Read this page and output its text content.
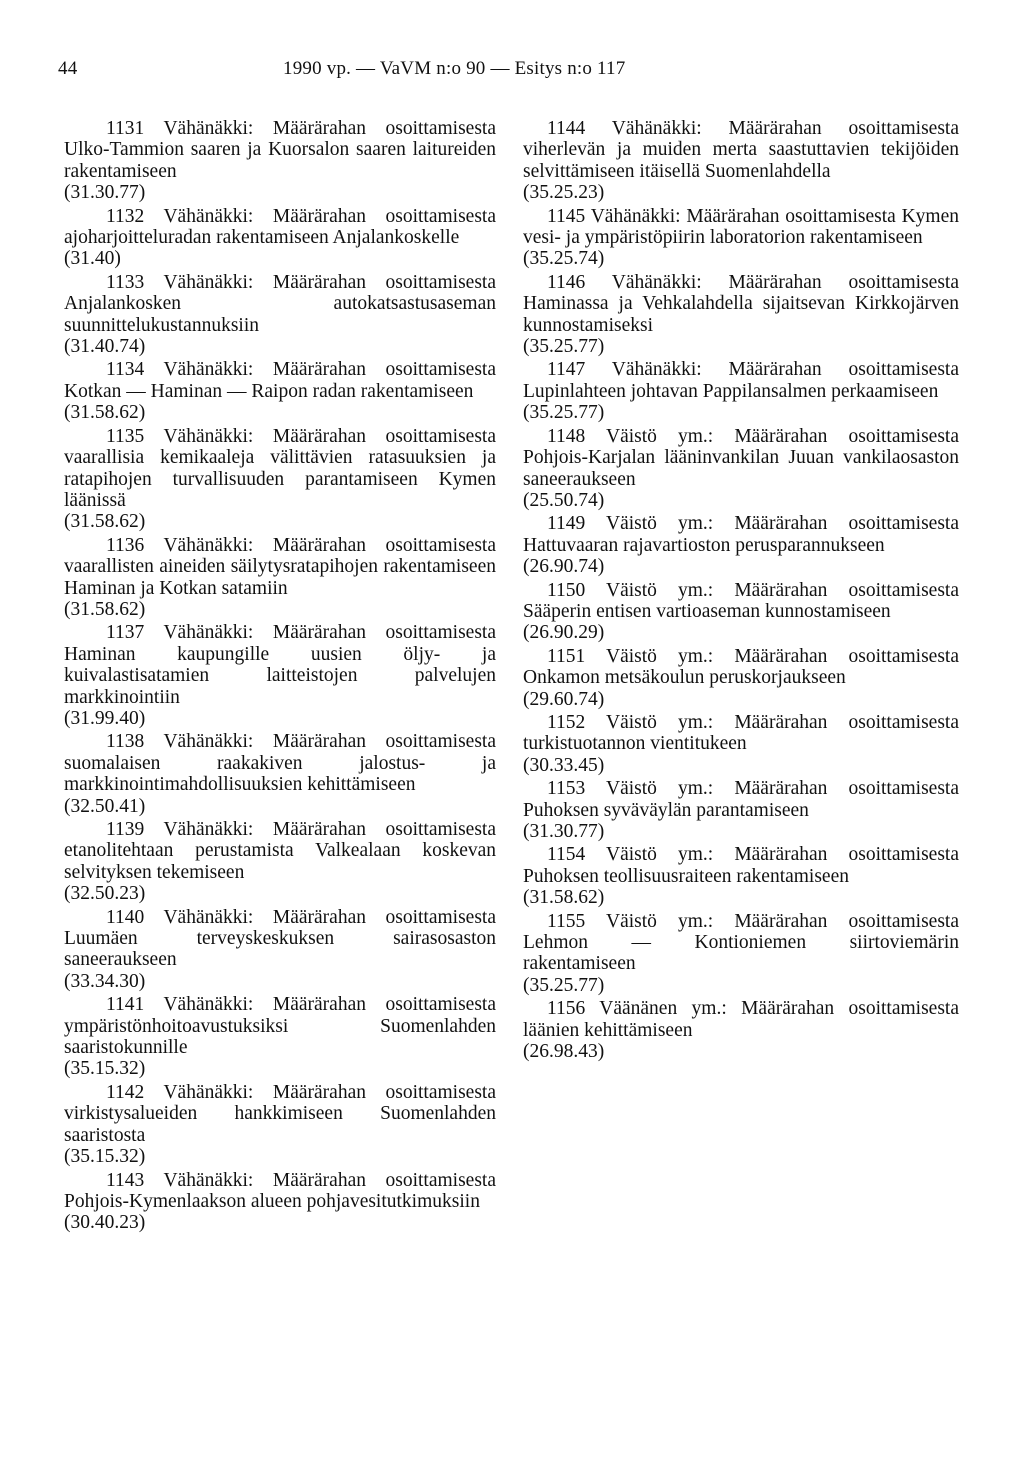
44	1990 vp. — VaVM n:o 90 — Esitys n:o 117
1131 Vähänäkki: Määrärahan osoittamisesta Ulko-Tammion saaren ja Kuorsalon saaren laitureiden rakentamiseen
(31.30.77)
1132 Vähänäkki: Määrärahan osoittamisesta ajoharjoitteluradan rakentamiseen Anjalankoskelle
(31.40)
1133 Vähänäkki: Määrärahan osoittamisesta Anjalankosken autokatsastusaseman suunnittelukustannuksiin
(31.40.74)
1134 Vähänäkki: Määrärahan osoittamisesta Kotkan — Haminan — Raipon radan rakentamiseen
(31.58.62)
1135 Vähänäkki: Määrärahan osoittamisesta vaarallisia kemikaaleja välittävien ratasuuksien ja ratapihojen turvallisuuden parantamiseen Kymen läänissä
(31.58.62)
1136 Vähänäkki: Määrärahan osoittamisesta vaarallisten aineiden säilytysratapihojen rakentamiseen Haminan ja Kotkan satamiin
(31.58.62)
1137 Vähänäkki: Määrärahan osoittamisesta Haminan kaupungille uusien öljy- ja kuivalastisatamien laitteistojen palvelujen markkinointiin
(31.99.40)
1138 Vähänäkki: Määrärahan osoittamisesta suomalaisen raakakiven jalostus- ja markkinointimahdollisuuksien kehittämiseen
(32.50.41)
1139 Vähänäkki: Määrärahan osoittamisesta etanolitehtaan perustamista Valkealaan koskevan selvityksen tekemiseen
(32.50.23)
1140 Vähänäkki: Määrärahan osoittamisesta Luumäen terveyskeskuksen sairasosaston saneeraukseen
(33.34.30)
1141 Vähänäkki: Määrärahan osoittamisesta ympäristönhoitoavustuksiksi Suomenlahden saaristokunnille
(35.15.32)
1142 Vähänäkki: Määrärahan osoittamisesta virkistysalueiden hankkimiseen Suomenlahden saaristosta
(35.15.32)
1143 Vähänäkki: Määrärahan osoittamisesta Pohjois-Kymenlaakson alueen pohjavesitutkimuksiin
(30.40.23)
1144 Vähänäkki: Määrärahan osoittamisesta viherlevän ja muiden merta saastuttavien tekijöiden selvittämiseen itäisellä Suomenlahdella
(35.25.23)
1145 Vähänäkki: Määrärahan osoittamisesta Kymen vesi- ja ympäristöpiirin laboratorion rakentamiseen
(35.25.74)
1146 Vähänäkki: Määrärahan osoittamisesta Haminassa ja Vehkalahdella sijaitsevan Kirkkojärven kunnostamiseksi
(35.25.77)
1147 Vähänäkki: Määrärahan osoittamisesta Lupinlahteen johtavan Pappilansalmen perkaamiseen
(35.25.77)
1148 Väistö ym.: Määrärahan osoittamisesta Pohjois-Karjalan lääninvankilan Juuan vankilaosaston saneeraukseen
(25.50.74)
1149 Väistö ym.: Määrärahan osoittamisesta Hattuvaaran rajavartioston perusparannukseen
(26.90.74)
1150 Väistö ym.: Määrärahan osoittamisesta Sääperin entisen vartioaseman kunnostamiseen
(26.90.29)
1151 Väistö ym.: Määrärahan osoittamisesta Onkamon metsäkoulun peruskorjaukseen
(29.60.74)
1152 Väistö ym.: Määrärahan osoittamisesta turkistuotannon vientitukeen
(30.33.45)
1153 Väistö ym.: Määrärahan osoittamisesta Puhoksen syväväylän parantamiseen
(31.30.77)
1154 Väistö ym.: Määrärahan osoittamisesta Puhoksen teollisuusraiteen rakentamiseen
(31.58.62)
1155 Väistö ym.: Määrärahan osoittamisesta Lehmon — Kontioniemen siirtoviemärin rakentamiseen
(35.25.77)
1156 Väänänen ym.: Määrärahan osoittamisesta läänien kehittämiseen
(26.98.43)
